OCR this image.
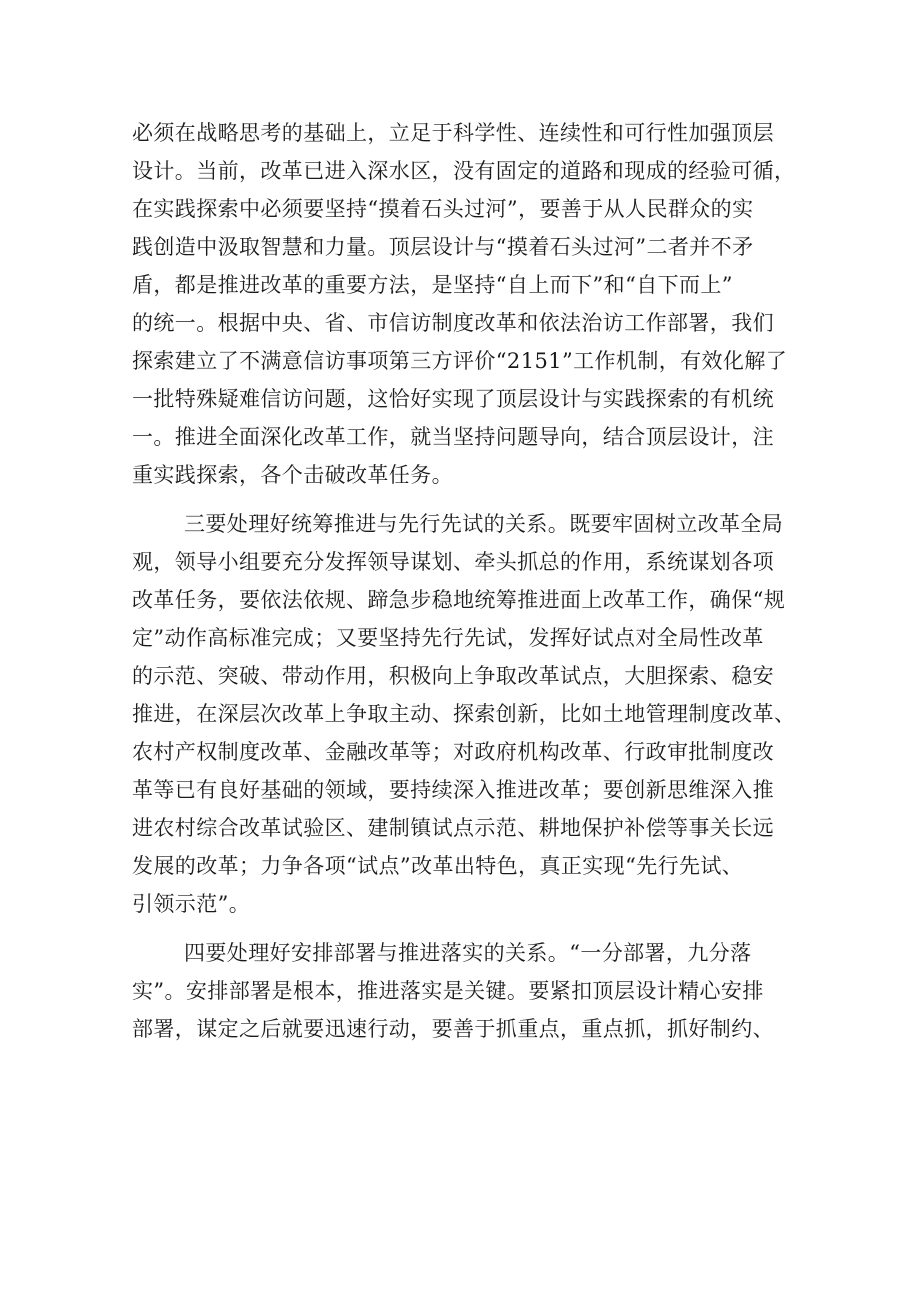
必须在战略思考的基础上，立足于科学性、连续性和可行性加强顶层
设计。当前，改革已进入深水区，没有固定的道路和现成的经验可循，
在实践探索中必须要坚持“摸着石头过河”，要善于从人民群众的实
践创造中汲取智慧和力量。顶层设计与“摸着石头过河”二者并不矛
盾，都是推进改革的重要方法，是坚持“自上而下”和“自下而上”
的统一。根据中央、省、市信访制度改革和依法治访工作部署，我们
探索建立了不满意信访事项第三方评价“2151”工作机制，有效化解了
一批特殊疑难信访问题，这恰好实现了顶层设计与实践探索的有机统
一。推进全面深化改革工作，就当坚持问题导向，结合顶层设计，注
重实践探索，各个击破改革任务。
三要处理好统筹推进与先行先试的关系。既要牢固树立改革全局
观，领导小组要充分发挥领导谋划、牵头抓总的作用，系统谋划各项
改革任务，要依法依规、蹄急步稳地统筹推进面上改革工作，确保“规
定”动作高标准完成；又要坚持先行先试，发挥好试点对全局性改革
的示范、突破、带动作用，积极向上争取改革试点，大胆探索、稳安
推进，在深层次改革上争取主动、探索创新，比如土地管理制度改革、
农村产权制度改革、金融改革等；对政府机构改革、行政审批制度改
革等已有良好基础的领域，要持续深入推进改革；要创新思维深入推
进农村综合改革试验区、建制镇试点示范、耕地保护补偿等事关长远
发展的改革；力争各项“试点”改革出特色，真正实现“先行先试、
引领示范”。
四要处理好安排部署与推进落实的关系。“一分部署，九分落
实”。安排部署是根本，推进落实是关键。要紧扣顶层设计精心安排
部署，谋定之后就要迅速行动，要善于抓重点，重点抓，抓好制约、
